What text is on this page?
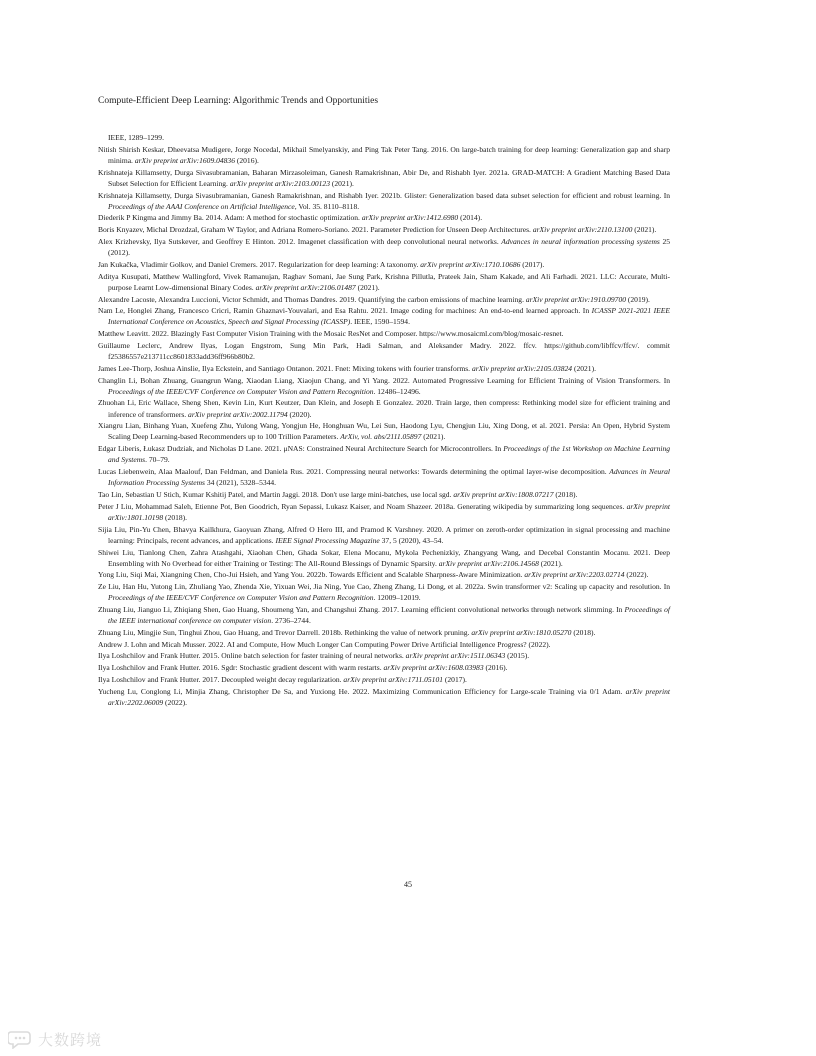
Compute-Efficient Deep Learning: Algorithmic Trends and Opportunities
IEEE, 1289–1299.
Nitish Shirish Keskar, Dheevatsa Mudigere, Jorge Nocedal, Mikhail Smelyanskiy, and Ping Tak Peter Tang. 2016. On large-batch training for deep learning: Generalization gap and sharp minima. arXiv preprint arXiv:1609.04836 (2016).
Krishnateja Killamsetty, Durga Sivasubramanian, Baharan Mirzasoleiman, Ganesh Ramakrishnan, Abir De, and Rishabh Iyer. 2021a. GRAD-MATCH: A Gradient Matching Based Data Subset Selection for Efficient Learning. arXiv preprint arXiv:2103.00123 (2021).
Krishnateja Killamsetty, Durga Sivasubramanian, Ganesh Ramakrishnan, and Rishabh Iyer. 2021b. Glister: Generalization based data subset selection for efficient and robust learning. In Proceedings of the AAAI Conference on Artificial Intelligence, Vol. 35. 8110–8118.
Diederik P Kingma and Jimmy Ba. 2014. Adam: A method for stochastic optimization. arXiv preprint arXiv:1412.6980 (2014).
Boris Knyazev, Michal Drozdzal, Graham W Taylor, and Adriana Romero-Soriano. 2021. Parameter Prediction for Unseen Deep Architectures. arXiv preprint arXiv:2110.13100 (2021).
Alex Krizhevsky, Ilya Sutskever, and Geoffrey E Hinton. 2012. Imagenet classification with deep convolutional neural networks. Advances in neural information processing systems 25 (2012).
Jan Kukačka, Vladimir Golkov, and Daniel Cremers. 2017. Regularization for deep learning: A taxonomy. arXiv preprint arXiv:1710.10686 (2017).
Aditya Kusupati, Matthew Wallingford, Vivek Ramanujan, Raghav Somani, Jae Sung Park, Krishna Pillutla, Prateek Jain, Sham Kakade, and Ali Farhadi. 2021. LLC: Accurate, Multi-purpose Learnt Low-dimensional Binary Codes. arXiv preprint arXiv:2106.01487 (2021).
Alexandre Lacoste, Alexandra Luccioni, Victor Schmidt, and Thomas Dandres. 2019. Quantifying the carbon emissions of machine learning. arXiv preprint arXiv:1910.09700 (2019).
Nam Le, Honglei Zhang, Francesco Cricri, Ramin Ghaznavi-Youvalari, and Esa Rahtu. 2021. Image coding for machines: An end-to-end learned approach. In ICASSP 2021-2021 IEEE International Conference on Acoustics, Speech and Signal Processing (ICASSP). IEEE, 1590–1594.
Matthew Leavitt. 2022. Blazingly Fast Computer Vision Training with the Mosaic ResNet and Composer. https://www.mosaicml.com/blog/mosaic-resnet.
Guillaume Leclerc, Andrew Ilyas, Logan Engstrom, Sung Min Park, Hadi Salman, and Aleksander Madry. 2022. ffcv. https://github.com/libffcv/ffcv/. commit f25386557e213711cc8601833add36ff966b80b2.
James Lee-Thorp, Joshua Ainslie, Ilya Eckstein, and Santiago Ontanon. 2021. Fnet: Mixing tokens with fourier transforms. arXiv preprint arXiv:2105.03824 (2021).
Changlin Li, Bohan Zhuang, Guangrun Wang, Xiaodan Liang, Xiaojun Chang, and Yi Yang. 2022. Automated Progressive Learning for Efficient Training of Vision Transformers. In Proceedings of the IEEE/CVF Conference on Computer Vision and Pattern Recognition. 12486–12496.
Zhuohan Li, Eric Wallace, Sheng Shen, Kevin Lin, Kurt Keutzer, Dan Klein, and Joseph E Gonzalez. 2020. Train large, then compress: Rethinking model size for efficient training and inference of transformers. arXiv preprint arXiv:2002.11794 (2020).
Xiangru Lian, Binhang Yuan, Xuefeng Zhu, Yulong Wang, Yongjun He, Honghuan Wu, Lei Sun, Haodong Lyu, Chengjun Liu, Xing Dong, et al. 2021. Persia: An Open, Hybrid System Scaling Deep Learning-based Recommenders up to 100 Trillion Parameters. ArXiv, vol. abs/2111.05897 (2021).
Edgar Liberis, Łukasz Dudziak, and Nicholas D Lane. 2021. μNAS: Constrained Neural Architecture Search for Microcontrollers. In Proceedings of the 1st Workshop on Machine Learning and Systems. 70–79.
Lucas Liebenwein, Alaa Maalouf, Dan Feldman, and Daniela Rus. 2021. Compressing neural networks: Towards determining the optimal layer-wise decomposition. Advances in Neural Information Processing Systems 34 (2021), 5328–5344.
Tao Lin, Sebastian U Stich, Kumar Kshitij Patel, and Martin Jaggi. 2018. Don't use large mini-batches, use local sgd. arXiv preprint arXiv:1808.07217 (2018).
Peter J Liu, Mohammad Saleh, Etienne Pot, Ben Goodrich, Ryan Sepassi, Lukasz Kaiser, and Noam Shazeer. 2018a. Generating wikipedia by summarizing long sequences. arXiv preprint arXiv:1801.10198 (2018).
Sijia Liu, Pin-Yu Chen, Bhavya Kailkhura, Gaoyuan Zhang, Alfred O Hero III, and Pramod K Varshney. 2020. A primer on zeroth-order optimization in signal processing and machine learning: Principals, recent advances, and applications. IEEE Signal Processing Magazine 37, 5 (2020), 43–54.
Shiwei Liu, Tianlong Chen, Zahra Atashgahi, Xiaohan Chen, Ghada Sokar, Elena Mocanu, Mykola Pechenizkiy, Zhangyang Wang, and Decebal Constantin Mocanu. 2021. Deep Ensembling with No Overhead for either Training or Testing: The All-Round Blessings of Dynamic Sparsity. arXiv preprint arXiv:2106.14568 (2021).
Yong Liu, Siqi Mai, Xiangning Chen, Cho-Jui Hsieh, and Yang You. 2022b. Towards Efficient and Scalable Sharpness-Aware Minimization. arXiv preprint arXiv:2203.02714 (2022).
Ze Liu, Han Hu, Yutong Lin, Zhuliang Yao, Zhenda Xie, Yixuan Wei, Jia Ning, Yue Cao, Zheng Zhang, Li Dong, et al. 2022a. Swin transformer v2: Scaling up capacity and resolution. In Proceedings of the IEEE/CVF Conference on Computer Vision and Pattern Recognition. 12009–12019.
Zhuang Liu, Jianguo Li, Zhiqiang Shen, Gao Huang, Shoumeng Yan, and Changshui Zhang. 2017. Learning efficient convolutional networks through network slimming. In Proceedings of the IEEE international conference on computer vision. 2736–2744.
Zhuang Liu, Mingjie Sun, Tinghui Zhou, Gao Huang, and Trevor Darrell. 2018b. Rethinking the value of network pruning. arXiv preprint arXiv:1810.05270 (2018).
Andrew J. Lohn and Micah Musser. 2022. AI and Compute, How Much Longer Can Computing Power Drive Artificial Intelligence Progress? (2022).
Ilya Loshchilov and Frank Hutter. 2015. Online batch selection for faster training of neural networks. arXiv preprint arXiv:1511.06343 (2015).
Ilya Loshchilov and Frank Hutter. 2016. Sgdr: Stochastic gradient descent with warm restarts. arXiv preprint arXiv:1608.03983 (2016).
Ilya Loshchilov and Frank Hutter. 2017. Decoupled weight decay regularization. arXiv preprint arXiv:1711.05101 (2017).
Yucheng Lu, Conglong Li, Minjia Zhang, Christopher De Sa, and Yuxiong He. 2022. Maximizing Communication Efficiency for Large-scale Training via 0/1 Adam. arXiv preprint arXiv:2202.06009 (2022).
45
大数跨境
